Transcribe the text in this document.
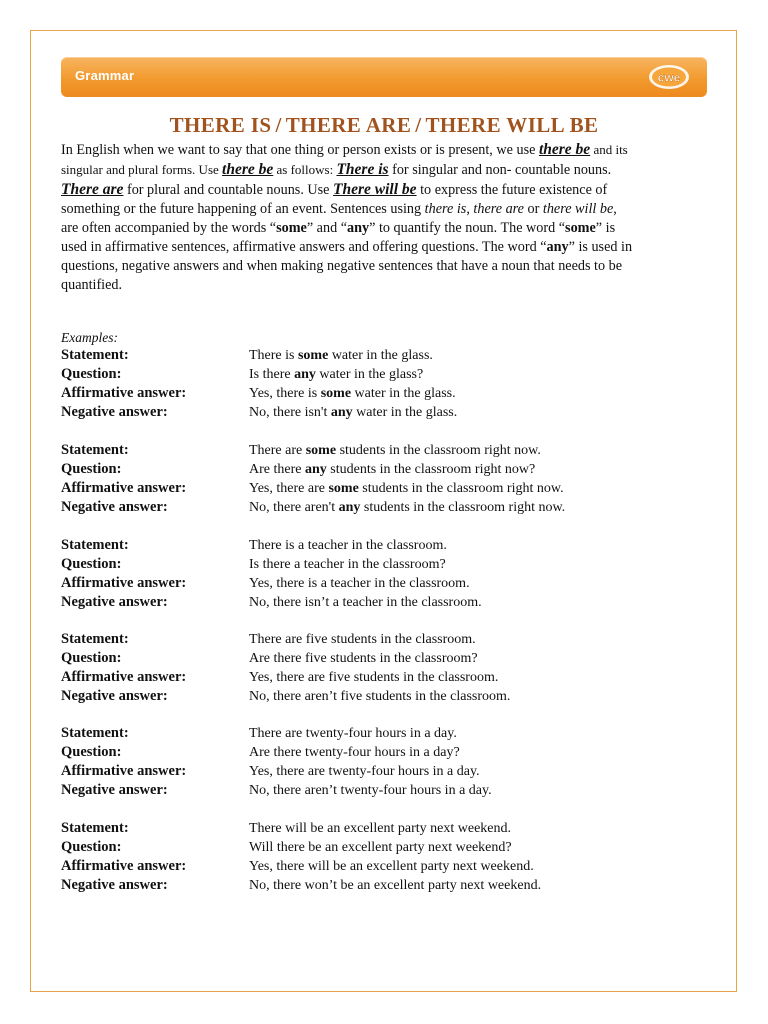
Grammar	cwe
THERE IS / THERE ARE / THERE WILL BE

In English when we want to say that one thing or person exists or is present, we use there be and its

singular and plural forms. Use there be as follows: There is for singular and non- countable nouns.

There are for plural and countable nouns. Use There will be to express the future existence of

something or the future happening of an event. Sentences using there is, there are or there will be,

are often accompanied by the words “some” and “any” to quantify the noun. The word “some” is

used in affirmative sentences, affirmative answers and offering questions. The word “any” is used in

questions, negative answers and when making negative sentences that have a noun that needs to be

quantified.

Examples:
Statement:	There is some water in the glass.
Question:	Is there any water in the glass?
Affirmative answer:	Yes, there is some water in the glass.
Negative answer:	No, there isn't any water in the glass.
Statement:	There are some students in the classroom right now.
Question:	Are there any students in the classroom right now?
Affirmative answer:	Yes, there are some students in the classroom right now.
Negative answer:	No, there aren't any students in the classroom right now.
Statement:	There is a teacher in the classroom.
Question:	Is there a teacher in the classroom?
Affirmative answer:	Yes, there is a teacher in the classroom.
Negative answer:	No, there isn’t a teacher in the classroom.
Statement:	There are five students in the classroom.
Question:	Are there five students in the classroom?
Affirmative answer:	Yes, there are five students in the classroom.
Negative answer:	No, there aren’t five students in the classroom.
Statement:	There are twenty-four hours in a day.
Question:	Are there twenty-four hours in a day?
Affirmative answer:	Yes, there are twenty-four hours in a day.
Negative answer:	No, there aren’t twenty-four hours in a day.
Statement:	There will be an excellent party next weekend.
Question:	Will there be an excellent party next weekend?
Affirmative answer:	Yes, there will be an excellent party next weekend.
Negative answer:	No, there won’t be an excellent party next weekend.
